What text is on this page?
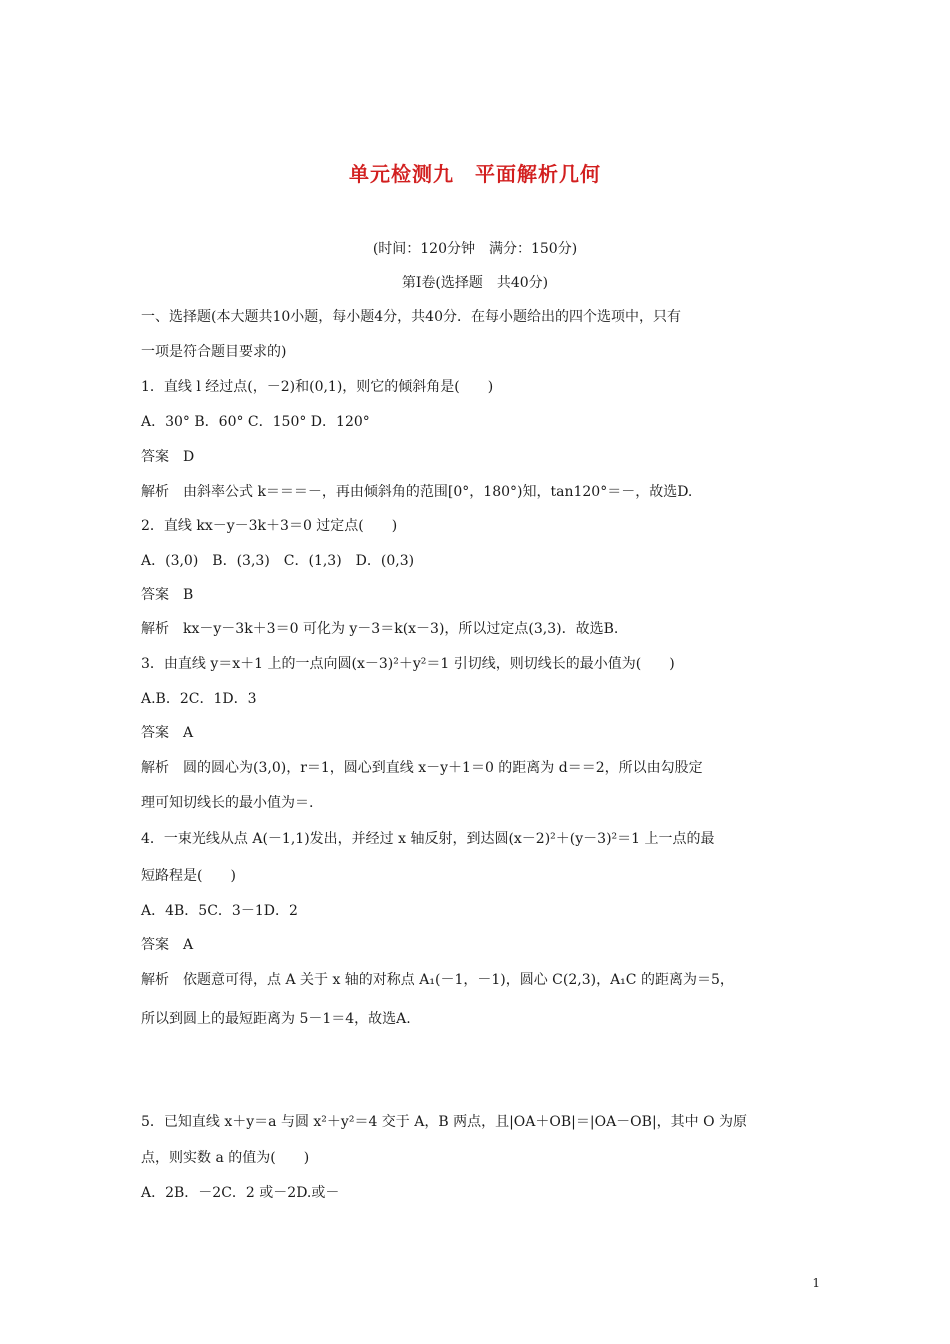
单元检测九　平面解析几何
(时间：120分钟　满分：150分)
第Ⅰ卷(选择题　共40分)
一、选择题(本大题共10小题，每小题4分，共40分．在每小题给出的四个选项中，只有
一项是符合题目要求的)
1．直线 l 经过点(，－2)和(0,1)，则它的倾斜角是(　　)
A．30° B．60° C．150° D．120°
答案　D
解析　由斜率公式 k＝＝＝－，再由倾斜角的范围[0°，180°)知，tan120°＝－，故选D.
2．直线 kx－y－3k＋3＝0 过定点(　　)
A．(3,0)　B．(3,3)　C．(1,3)　D．(0,3)
答案　B
解析　kx－y－3k＋3＝0 可化为 y－3＝k(x－3)，所以过定点(3,3)．故选B.
3．由直线 y＝x＋1 上的一点向圆(x－3)²＋y²＝1 引切线，则切线长的最小值为(　　)
A.B．2C．1D．3
答案　A
解析　圆的圆心为(3,0)，r＝1，圆心到直线 x－y＋1＝0 的距离为 d＝＝2，所以由勾股定
理可知切线长的最小值为＝.
4．一束光线从点 A(－1,1)发出，并经过 x 轴反射，到达圆(x－2)²＋(y－3)²＝1 上一点的最
短路程是(　　)
A．4B．5C．3－1D．2
答案　A
解析　依题意可得，点 A 关于 x 轴的对称点 A₁(－1，－1)，圆心 C(2,3)，A₁C 的距离为＝5，
所以到圆上的最短距离为 5－1＝4，故选A.
5．已知直线 x＋y＝a 与圆 x²＋y²＝4 交于 A，B 两点，且|OA＋OB|＝|OA－OB|，其中 O 为原
点，则实数 a 的值为(　　)
A．2B．－2C．2 或－2D.或－
1
